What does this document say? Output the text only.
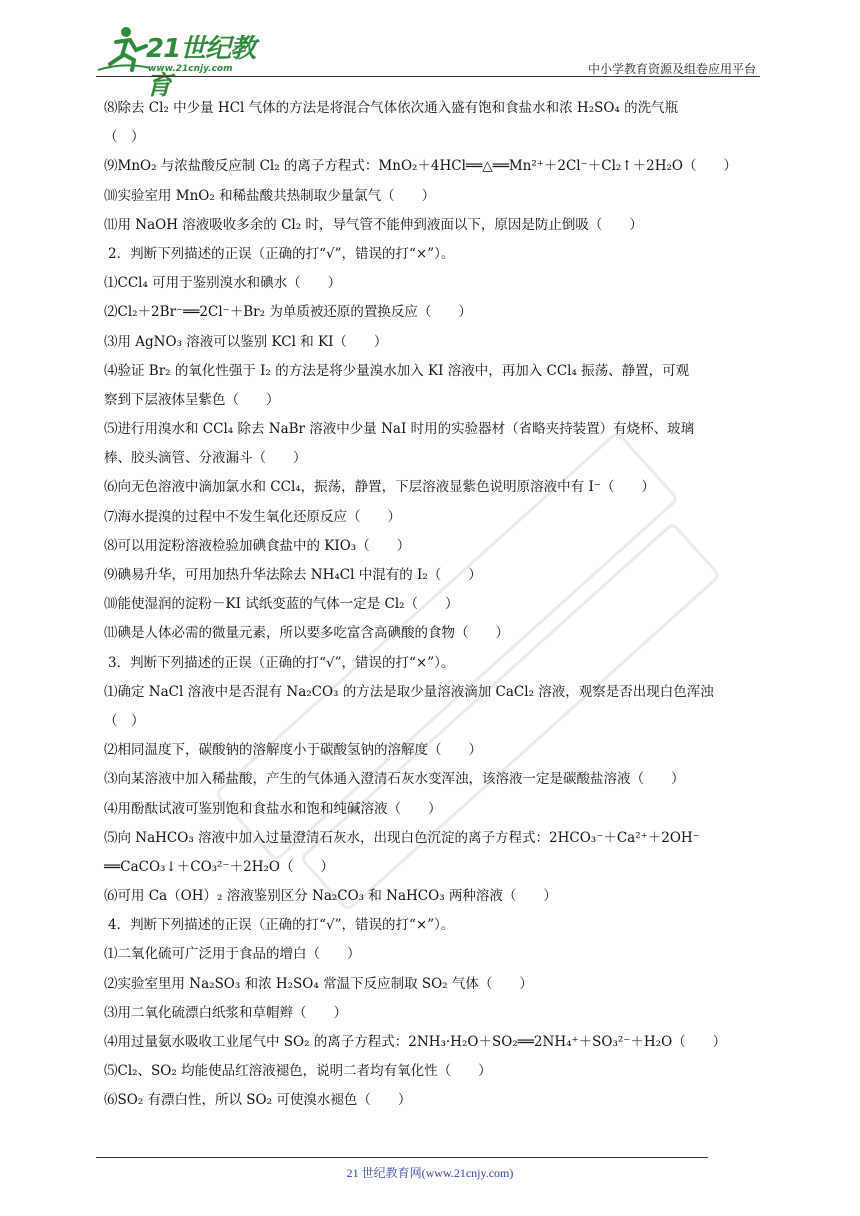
21世纪教育
www.21cnjy.com	中小学教育资源及组卷应用平台
⑻除去 Cl₂ 中少量 HCl 气体的方法是将混合气体依次通入盛有饱和食盐水和浓 H₂SO₄ 的洗气瓶
（　）
⑼MnO₂ 与浓盐酸反应制 Cl₂ 的离子方程式：MnO₂＋4HCl══△══Mn²⁺＋2Cl⁻＋Cl₂↑＋2H₂O（　　）
⑽实验室用 MnO₂ 和稀盐酸共热制取少量氯气（　　）
⑾用 NaOH 溶液吸收多余的 Cl₂ 时，导气管不能伸到液面以下，原因是防止倒吸（　　）
2．判断下列描述的正误（正确的打“√”，错误的打“×”）。
⑴CCl₄ 可用于鉴别溴水和碘水（　　）
⑵Cl₂＋2Br⁻══2Cl⁻＋Br₂ 为单质被还原的置换反应（　　）
⑶用 AgNO₃ 溶液可以鉴别 KCl 和 KI（　　）
⑷验证 Br₂ 的氧化性强于 I₂ 的方法是将少量溴水加入 KI 溶液中，再加入 CCl₄ 振荡、静置，可观
察到下层液体呈紫色（　　）
⑸进行用溴水和 CCl₄ 除去 NaBr 溶液中少量 NaI 时用的实验器材（省略夹持装置）有烧杯、玻璃
棒、胶头滴管、分液漏斗（　　）
⑹向无色溶液中滴加氯水和 CCl₄，振荡，静置，下层溶液显紫色说明原溶液中有 I⁻（　　）
⑺海水提溴的过程中不发生氧化还原反应（　　）
⑻可以用淀粉溶液检验加碘食盐中的 KIO₃（　　）
⑼碘易升华，可用加热升华法除去 NH₄Cl 中混有的 I₂（　　）
⑽能使湿润的淀粉－KI 试纸变蓝的气体一定是 Cl₂（　　）
⑾碘是人体必需的微量元素，所以要多吃富含高碘酸的食物（　　）
3．判断下列描述的正误（正确的打“√”，错误的打“×”）。
⑴确定 NaCl 溶液中是否混有 Na₂CO₃ 的方法是取少量溶液滴加 CaCl₂ 溶液，观察是否出现白色浑浊
（　）
⑵相同温度下，碳酸钠的溶解度小于碳酸氢钠的溶解度（　　）
⑶向某溶液中加入稀盐酸，产生的气体通入澄清石灰水变浑浊，该溶液一定是碳酸盐溶液（　　）
⑷用酚酞试液可鉴别饱和食盐水和饱和纯碱溶液（　　）
⑸向 NaHCO₃ 溶液中加入过量澄清石灰水，出现白色沉淀的离子方程式：2HCO₃⁻＋Ca²⁺＋2OH⁻
══CaCO₃↓＋CO₃²⁻＋2H₂O（　　）
⑹可用 Ca（OH）₂ 溶液鉴别区分 Na₂CO₃ 和 NaHCO₃ 两种溶液（　　）
4．判断下列描述的正误（正确的打“√”，错误的打“×”）。
⑴二氧化硫可广泛用于食品的增白（　　）
⑵实验室里用 Na₂SO₃ 和浓 H₂SO₄ 常温下反应制取 SO₂ 气体（　　）
⑶用二氧化硫漂白纸浆和草帽辫（　　）
⑷用过量氨水吸收工业尾气中 SO₂ 的离子方程式：2NH₃·H₂O＋SO₂══2NH₄⁺＋SO₃²⁻＋H₂O（　　）
⑸Cl₂、SO₂ 均能使品红溶液褪色，说明二者均有氧化性（　　）
⑹SO₂ 有漂白性，所以 SO₂ 可使溴水褪色（　　）
21 世纪教育网(www.21cnjy.com)
